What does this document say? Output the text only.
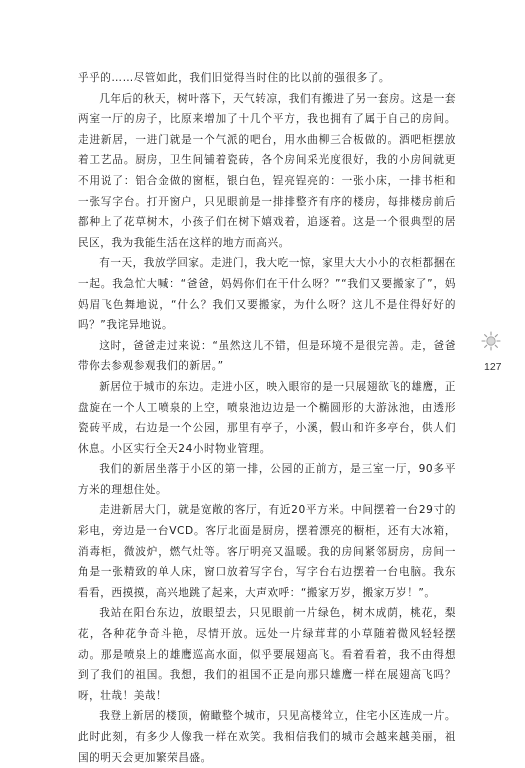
乎乎的……尽管如此，我们旧觉得当时住的比以前的强很多了。

几年后的秋天，树叶落下，天气转凉，我们有搬进了另一套房。这是一套两室一厅的房子，比原来增加了十几个平方，我也拥有了属于自己的房间。走进新居，一进门就是一个气派的吧台，用水曲柳三合板做的。酒吧柜摆放着工艺品。厨房，卫生间铺着瓷砖，各个房间采光度很好，我的小房间就更不用说了：铝合金做的窗框，银白色，锃亮锃亮的：一张小床，一排书柜和一张写字台。打开窗户，只见眼前是一排排整齐有序的楼房，每排楼房前后都种上了花草树木，小孩子们在树下嬉戏着，追逐着。这是一个很典型的居民区，我为我能生活在这样的地方而高兴。

有一天，我放学回家。走进门，我大吃一惊，家里大大小小的衣柜都捆在一起。我急忙大喊：“爸爸，妈妈你们在干什么呀？”“我们又要搬家了”，妈妈眉飞色舞地说，“什么？我们又要搬家，为什么呀？这儿不是住得好好的吗？”我诧异地说。

这时，爸爸走过来说：“虽然这儿不错，但是环境不是很完善。走，爸爸带你去参观参观我们的新居。”

新居位于城市的东边。走进小区，映入眼帘的是一只展翅欲飞的雄鹰，正盘旋在一个人工喷泉的上空，喷泉池边边是一个椭圆形的大游泳池，由透形瓷砖平成，右边是一个公园，那里有亭子，小溪，假山和许多亭台，供人们休息。小区实行全天24小时物业管理。

我们的新居坐落于小区的第一排，公园的正前方，是三室一厅，90多平方米的理想住处。

走进新居大门，就是宽敞的客厅，有近20平方米。中间摆着一台29寸的彩电，旁边是一台VCD。客厅北面是厨房，摆着漂亮的橱柜，还有大冰箱，消毒柜，微波炉，燃气灶等。客厅明亮又温暖。我的房间紧邻厨房，房间一角是一张精致的单人床，窗口放着写字台，写字台右边摆着一台电脑。我东看看，西摸摸，高兴地跳了起来，大声欢呼：“搬家万岁，搬家万岁！”。

我站在阳台东边，放眼望去，只见眼前一片绿色，树木成荫，桃花，梨花，各种花争奇斗艳，尽情开放。远处一片绿茸茸的小草随着微风轻轻摆动。那是喷泉上的雄鹰巡高水面，似乎要展翅高飞。看着看着，我不由得想到了我们的祖国。我想，我们的祖国不正是向那只雄鹰一样在展翅高飞吗？呀，壮哉！美哉！

我登上新居的楼顶，俯瞰整个城市，只见高楼耸立，住宅小区连成一片。此时此刻，有多少人像我一样在欢笑。我相信我们的城市会越来越美丽，祖国的明天会更加繁荣昌盛。

127
